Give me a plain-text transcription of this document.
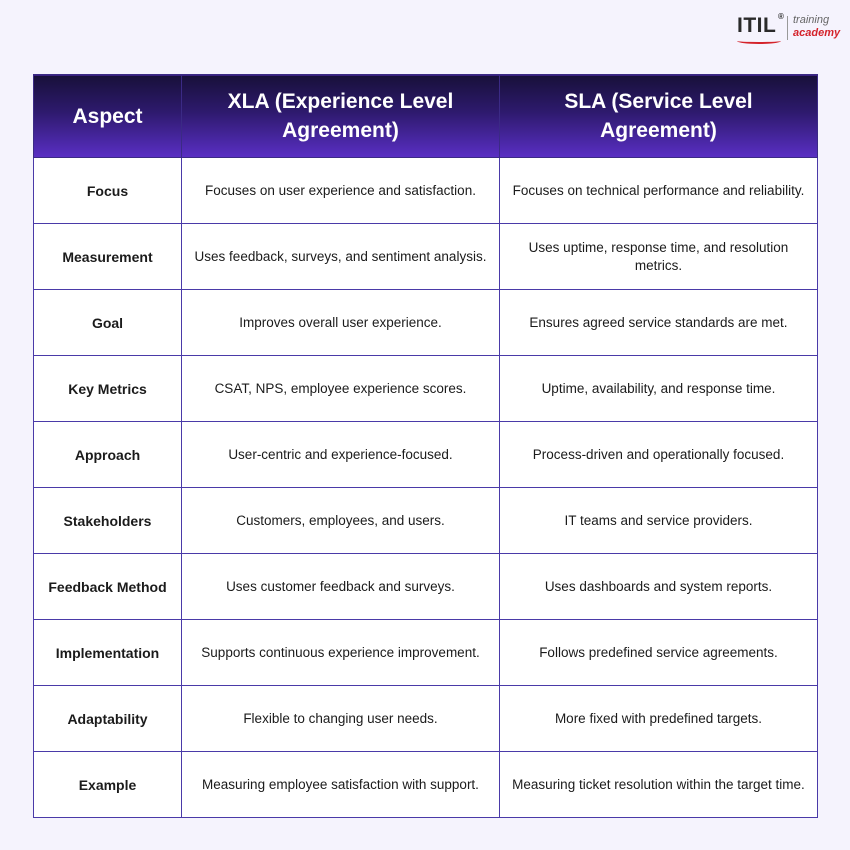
ITIL ® training
academy
Aspect	XLA (Experience Level Agreement)	SLA (Service Level Agreement)
Focus	Focuses on user experience and satisfaction.	Focuses on technical performance and reliability.
Measurement	Uses feedback, surveys, and sentiment analysis.	Uses uptime, response time, and resolution metrics.
Goal	Improves overall user experience.	Ensures agreed service standards are met.
Key Metrics	CSAT, NPS, employee experience scores.	Uptime, availability, and response time.
Approach	User-centric and experience-focused.	Process-driven and operationally focused.
Stakeholders	Customers, employees, and users.	IT teams and service providers.
Feedback Method	Uses customer feedback and surveys.	Uses dashboards and system reports.
Implementation	Supports continuous experience improvement.	Follows predefined service agreements.
Adaptability	Flexible to changing user needs.	More fixed with predefined targets.
Example	Measuring employee satisfaction with support.	Measuring ticket resolution within the target time.
